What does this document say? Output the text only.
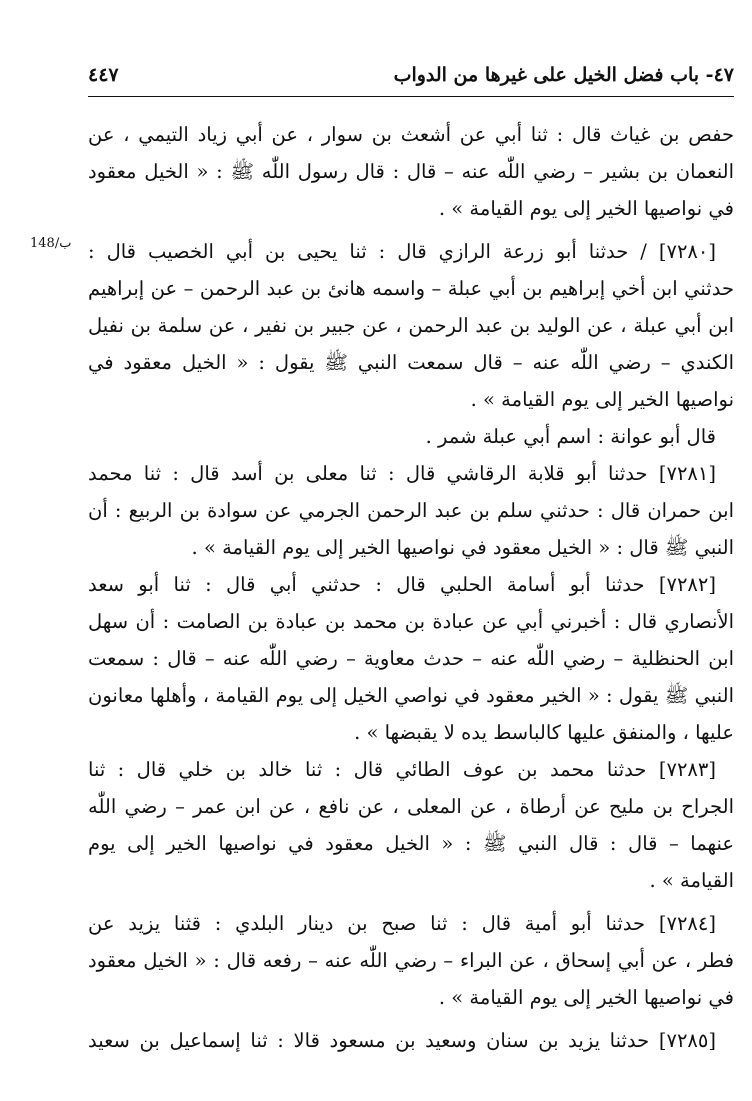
٤٧- باب فضل الخيل على غيرها من الدواب
٤٤٧
148/ب
حفص بن غياث قال : ثنا أبي عن أشعث بن سوار ، عن أبي زياد التيمي ، عن
النعمان بن بشير – رضي اللّٰه عنه – قال : قال رسول اللّٰه ﷺ : « الخيل معقود
في نواصيها الخير إلى يوم القيامة » .
[٧٢٨٠] / حدثنا أبو زرعة الرازي قال : ثنا يحيى بن أبي الخصيب قال :
حدثني ابن أخي إبراهيم بن أبي عبلة – واسمه هانئ بن عبد الرحمن – عن إبراهيم
ابن أبي عبلة ، عن الوليد بن عبد الرحمن ، عن جبير بن نفير ، عن سلمة بن نفيل
الكندي – رضي اللّٰه عنه – قال سمعت النبي ﷺ يقول : « الخيل معقود في
نواصيها الخير إلى يوم القيامة » .
قال أبو عوانة : اسم أبي عبلة شمر .
[٧٢٨١] حدثنا أبو قلابة الرقاشي قال : ثنا معلى بن أسد قال : ثنا محمد
ابن حمران قال : حدثني سلم بن عبد الرحمن الجرمي عن سوادة بن الربيع : أن
النبي ﷺ قال : « الخيل معقود في نواصيها الخير إلى يوم القيامة » .
[٧٢٨٢] حدثنا أبو أسامة الحلبي قال : حدثني أبي قال : ثنا أبو سعد
الأنصاري قال : أخبرني أبي عن عبادة بن محمد بن عبادة بن الصامت : أن سهل
ابن الحنظلية – رضي اللّٰه عنه – حدث معاوية – رضي اللّٰه عنه – قال : سمعت
النبي ﷺ يقول : « الخير معقود في نواصي الخيل إلى يوم القيامة ، وأهلها معانون
عليها ، والمنفق عليها كالباسط يده لا يقبضها » .
[٧٢٨٣] حدثنا محمد بن عوف الطائي قال : ثنا خالد بن خلي قال : ثنا
الجراح بن مليح عن أرطاة ، عن المعلى ، عن نافع ، عن ابن عمر – رضي اللّٰه
عنهما – قال : قال النبي ﷺ : « الخيل معقود في نواصيها الخير إلى يوم
القيامة » .
[٧٢٨٤] حدثنا أبو أمية قال : ثنا صبح بن دينار البلدي : قثنا يزيد عن
فطر ، عن أبي إسحاق ، عن البراء – رضي اللّٰه عنه – رفعه قال : « الخيل معقود
في نواصيها الخير إلى يوم القيامة » .
[٧٢٨٥] حدثنا يزيد بن سنان وسعيد بن مسعود قالا : ثنا إسماعيل بن سعيد
